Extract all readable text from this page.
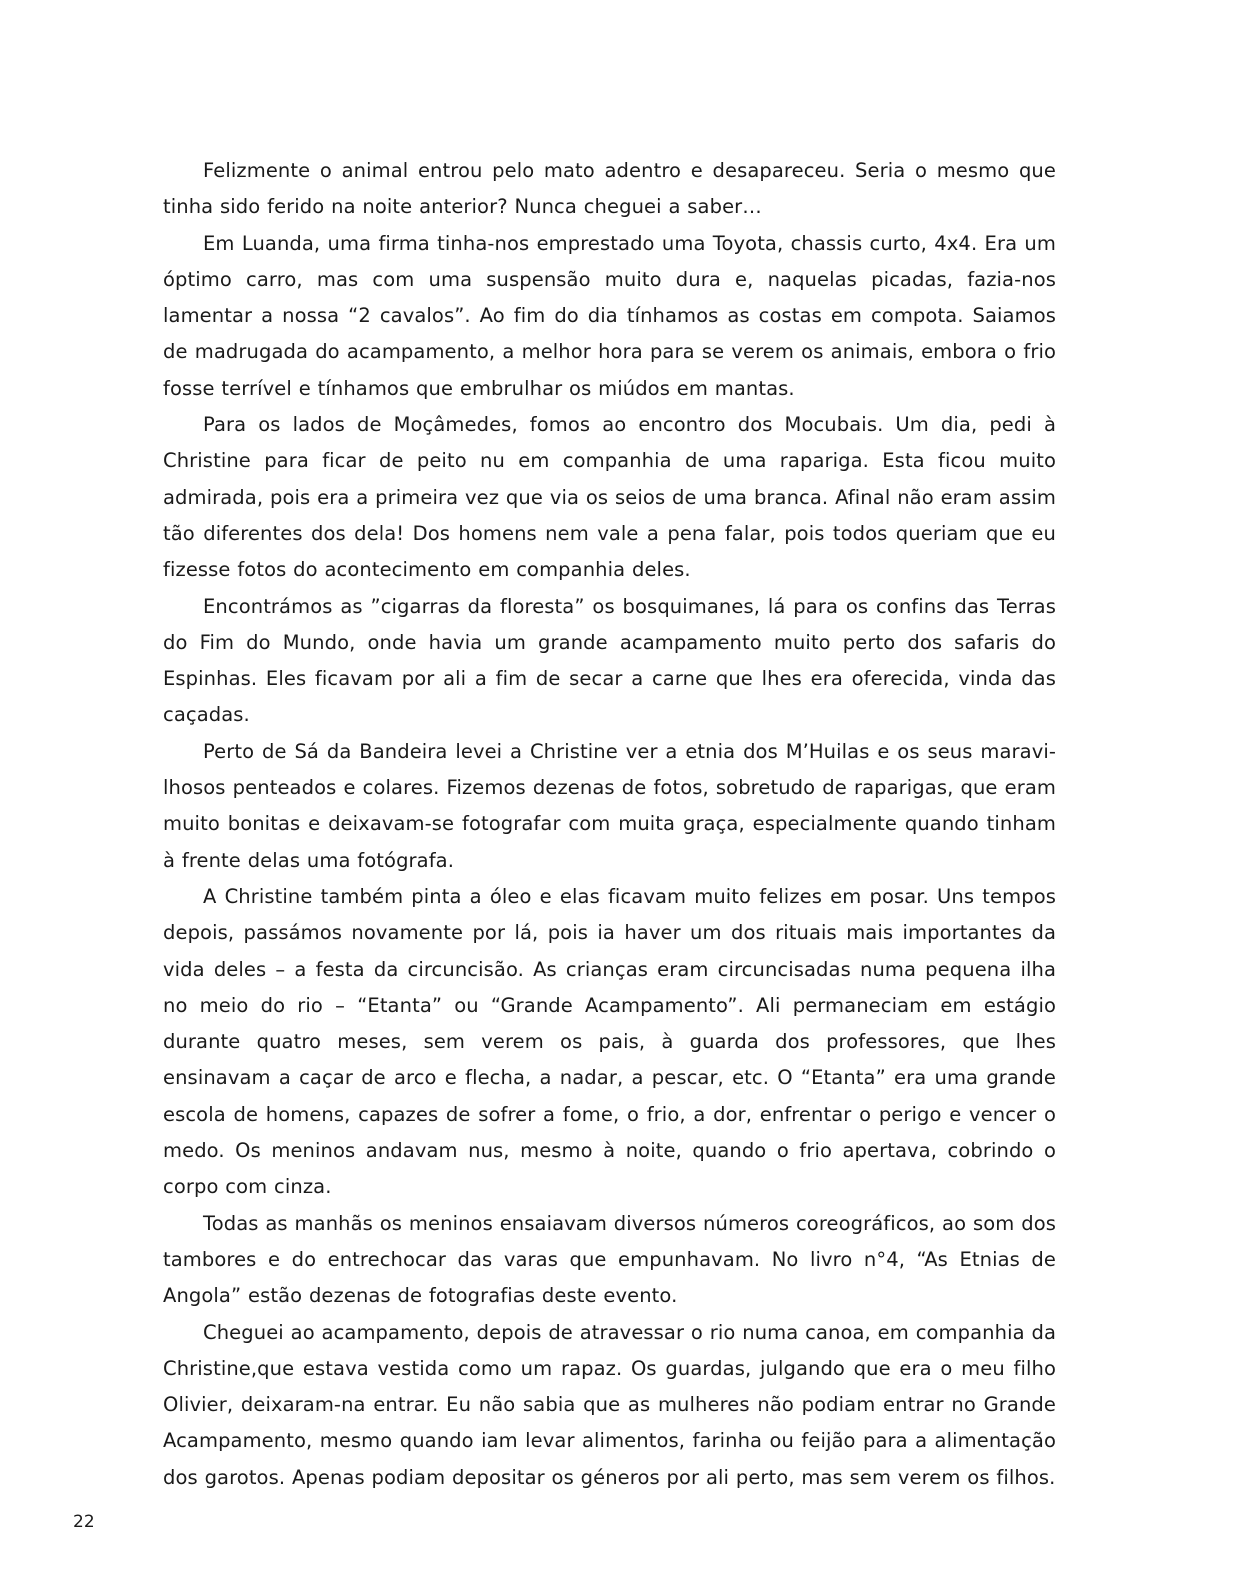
Felizmente o animal entrou pelo mato adentro e desapareceu. Seria o mesmo que tinha sido ferido na noite anterior? Nunca cheguei a saber…

Em Luanda, uma firma tinha-nos emprestado uma Toyota, chassis curto, 4x4. Era um óptimo carro, mas com uma suspensão muito dura e, naquelas picadas, fazia-nos lamentar a nossa “2 cavalos”. Ao fim do dia tínhamos as costas em compota. Saiamos de madrugada do acampamento, a melhor hora para se verem os animais, embora o frio fosse terrível e tínhamos que embrulhar os miúdos em mantas.

Para os lados de Moçâmedes, fomos ao encontro dos Mocubais. Um dia, pedi à Christine para ficar de peito nu em companhia de uma rapariga. Esta ficou muito admirada, pois era a primeira vez que via os seios de uma branca. Afinal não eram assim tão diferentes dos dela! Dos homens nem vale a pena falar, pois todos queriam que eu fizesse fotos do acontecimento em companhia deles.

Encontrámos as ”cigarras da floresta” os bosquimanes, lá para os confins das Terras do Fim do Mundo, onde havia um grande acampamento muito perto dos safaris do Espinhas. Eles ficavam por ali a fim de secar a carne que lhes era oferecida, vinda das caçadas.

Perto de Sá da Bandeira levei a Christine ver a etnia dos M’Huilas e os seus maravi-lhosos penteados e colares. Fizemos dezenas de fotos, sobretudo de raparigas, que eram muito bonitas e deixavam-se fotografar com muita graça, especialmente quando tinham à frente delas uma fotógrafa.

A Christine também pinta a óleo e elas ficavam muito felizes em posar. Uns tempos depois, passámos novamente por lá, pois ia haver um dos rituais mais importantes da vida deles – a festa da circuncisão. As crianças eram circuncisadas numa pequena ilha no meio do rio – “Etanta” ou “Grande Acampamento”. Ali permaneciam em estágio durante quatro meses, sem verem os pais, à guarda dos professores, que lhes ensinavam a caçar de arco e flecha, a nadar, a pescar, etc. O “Etanta” era uma grande escola de homens, capazes de sofrer a fome, o frio, a dor, enfrentar o perigo e vencer o medo. Os meninos andavam nus, mesmo à noite, quando o frio apertava, cobrindo o corpo com cinza.

Todas as manhãs os meninos ensaiavam diversos números coreográficos, ao som dos tambores e do entrechocar das varas que empunhavam. No livro n°4, “As Etnias de Angola” estão dezenas de fotografias deste evento.

Cheguei ao acampamento, depois de atravessar o rio numa canoa, em companhia da Christine,que estava vestida como um rapaz. Os guardas, julgando que era o meu filho Olivier, deixaram-na entrar. Eu não sabia que as mulheres não podiam entrar no Grande Acampamento, mesmo quando iam levar alimentos, farinha ou feijão para a alimentação dos garotos. Apenas podiam depositar os géneros por ali perto, mas sem verem os filhos.

22
